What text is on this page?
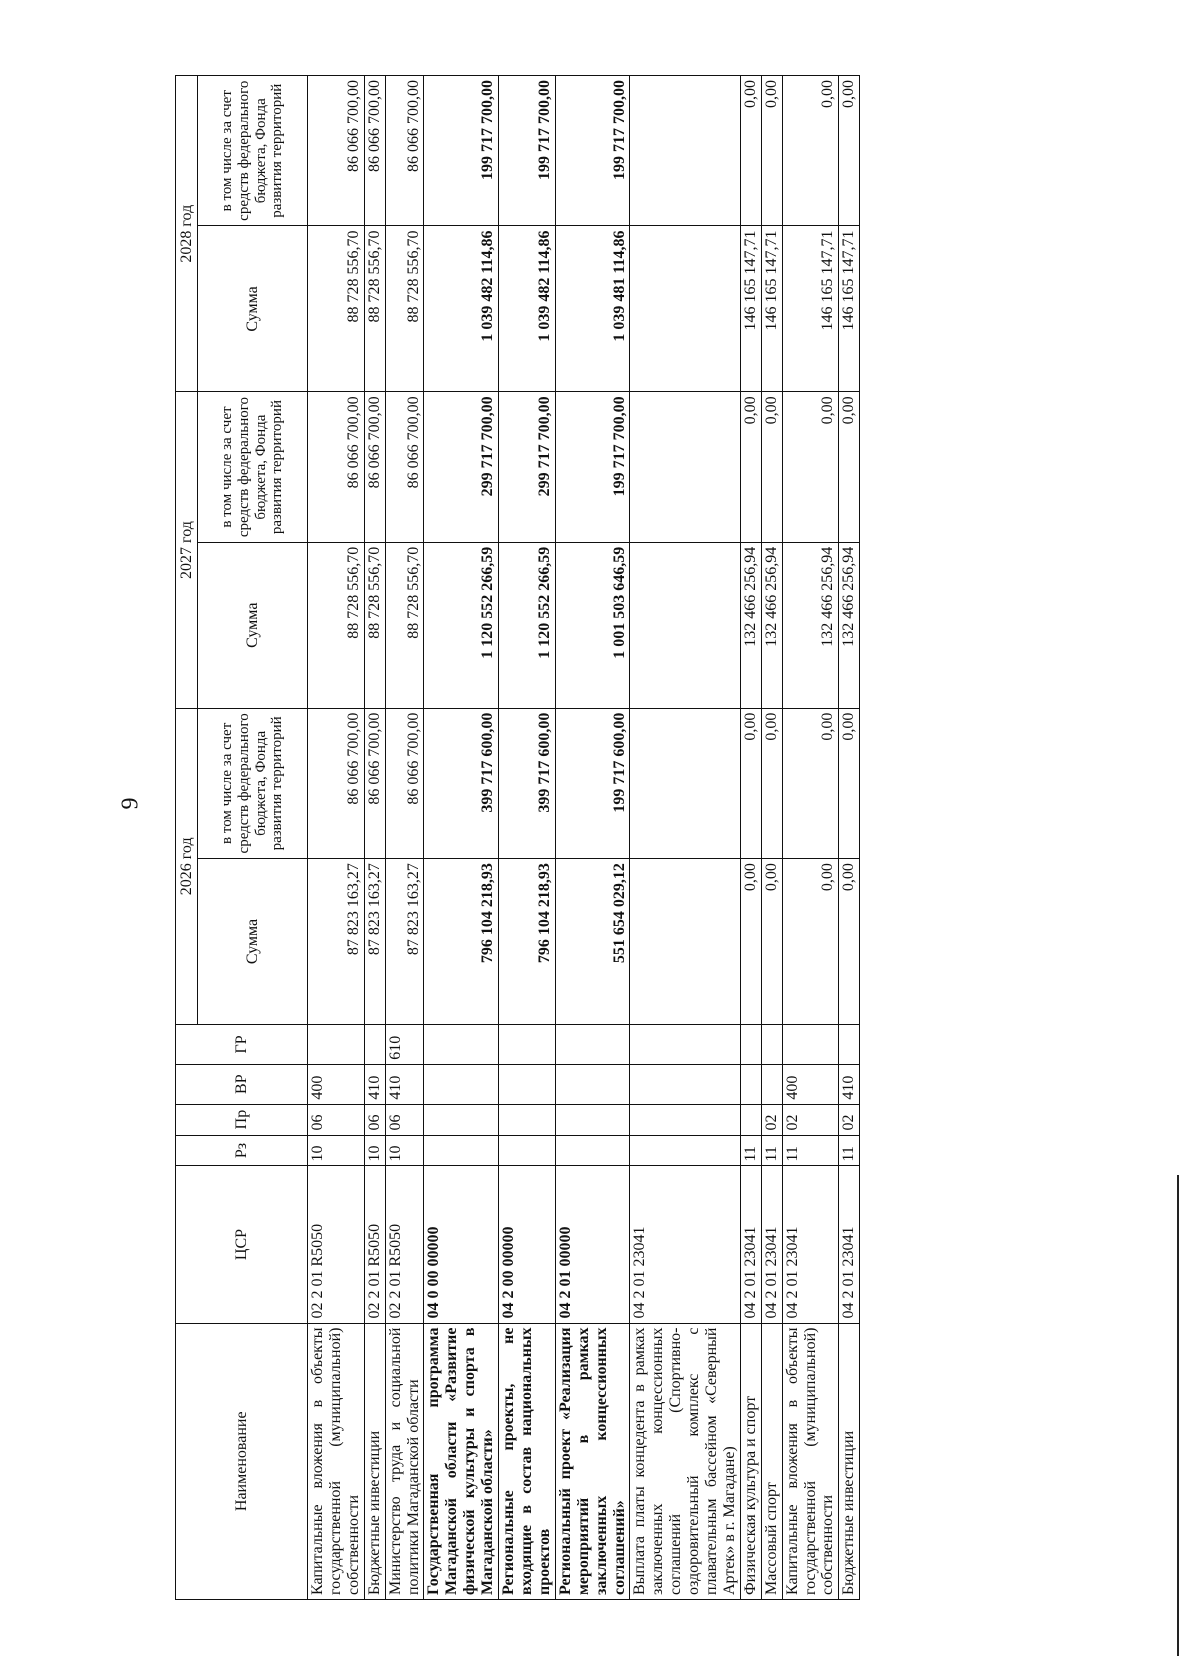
9
Наименование	ЦСР	Рз	Пр	ВР	ГР	2026 год		2027 год		2028 год	
						Сумма	в том числе за счет средств федерального бюджета, Фонда развития территорий	Сумма	в том числе за счет средств федерального бюджета, Фонда развития территорий	Сумма	в том числе за счет средств федерального бюджета, Фонда развития территорий
Капитальные вложения в объекты государственной (муниципальной) собственности	02 2 01 R5050	10	06	400		87 823 163,27	86 066 700,00	88 728 556,70	86 066 700,00	88 728 556,70	86 066 700,00
Бюджетные инвестиции	02 2 01 R5050	10	06	410		87 823 163,27	86 066 700,00	88 728 556,70	86 066 700,00	88 728 556,70	86 066 700,00
Министерство труда и социальной политики Магаданской области	02 2 01 R5050	10	06	410	610	87 823 163,27	86 066 700,00	88 728 556,70	86 066 700,00	88 728 556,70	86 066 700,00
Государственная программа Магаданской области «Развитие физической культуры и спорта в Магаданской области»	04 0 00 00000					796 104 218,93	399 717 600,00	1 120 552 266,59	299 717 700,00	1 039 482 114,86	199 717 700,00
Региональные проекты, не входящие в состав национальных проектов	04 2 00 00000					796 104 218,93	399 717 600,00	1 120 552 266,59	299 717 700,00	1 039 482 114,86	199 717 700,00
Региональный проект «Реализация мероприятий в рамках заключенных концессионных соглашений»	04 2 01 00000					551 654 029,12	199 717 600,00	1 001 503 646,59	199 717 700,00	1 039 481 114,86	199 717 700,00
Выплата платы концедента в рамках заключенных концессионных соглашений (Спортивно-оздоровительный комплекс с плавательным бассейном «Северный Артек» в г. Магадане)	04 2 01 23041										
Физическая культура и спорт	04 2 01 23041	11				0,00	0,00	132 466 256,94	0,00	146 165 147,71	0,00
Массовый спорт	04 2 01 23041	11	02			0,00	0,00	132 466 256,94	0,00	146 165 147,71	0,00
Капитальные вложения в объекты государственной (муниципальной) собственности	04 2 01 23041	11	02	400		0,00	0,00	132 466 256,94	0,00	146 165 147,71	0,00
Бюджетные инвестиции	04 2 01 23041	11	02	410		0,00	0,00	132 466 256,94	0,00	146 165 147,71	0,00
